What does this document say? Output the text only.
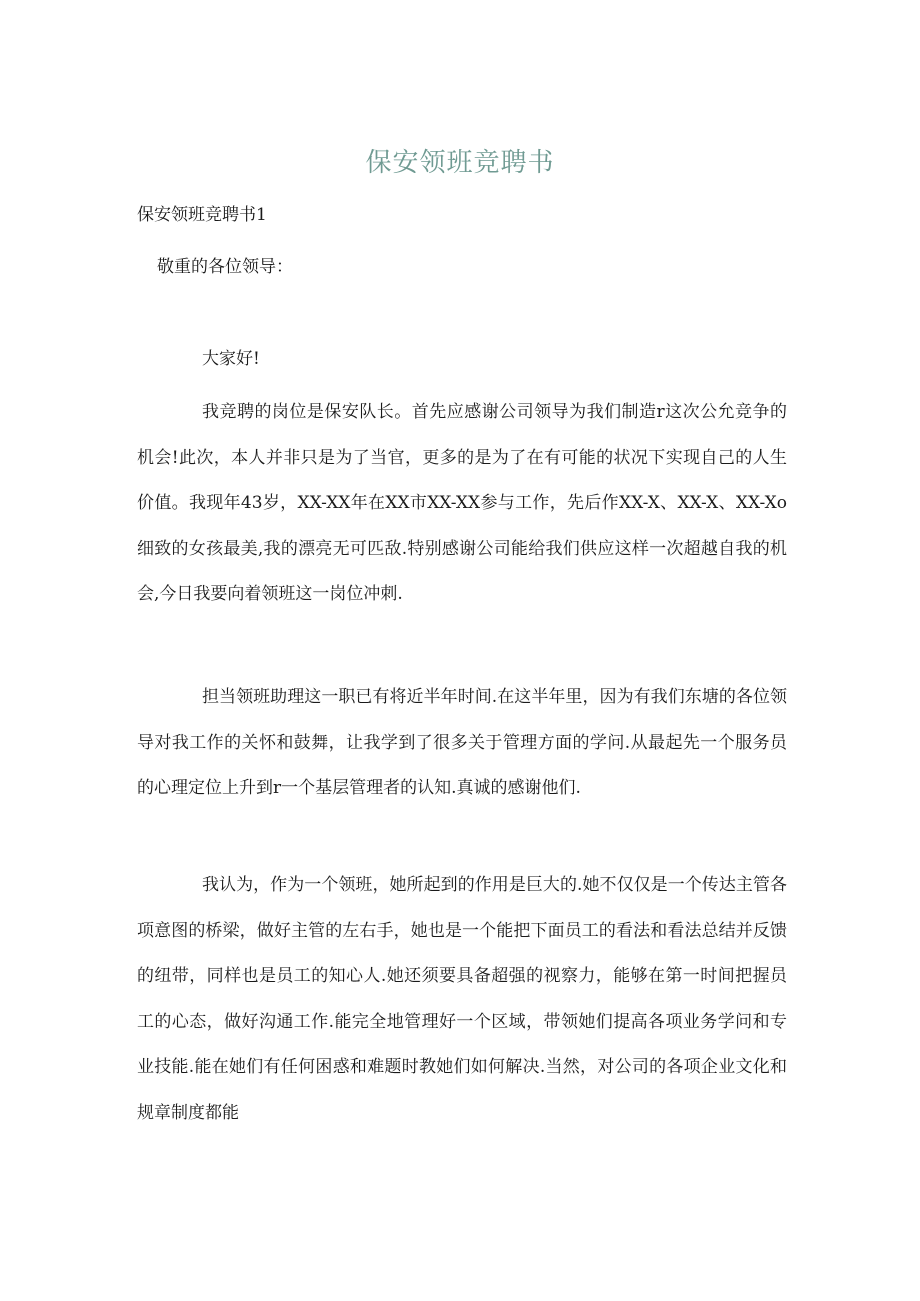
保安领班竞聘书
保安领班竞聘书1
敬重的各位领导：
大家好!

我竞聘的岗位是保安队长。首先应感谢公司领导为我们制造r这次公允竞争的机会!此次，本人并非只是为了当官，更多的是为了在有可能的状况下实现自己的人生价值。我现年43岁，XX-XX年在XX市XX-XX参与工作，先后作XX-X、XX-X、XX-Xo细致的女孩最美,我的漂亮无可匹敌.特别感谢公司能给我们供应这样一次超越自我的机会,今日我要向着领班这一岗位冲刺.

担当领班助理这一职已有将近半年时间.在这半年里，因为有我们东塘的各位领导对我工作的关怀和鼓舞，让我学到了很多关于管理方面的学问.从最起先一个服务员的心理定位上升到r一个基层管理者的认知.真诚的感谢他们.

我认为，作为一个领班，她所起到的作用是巨大的.她不仅仅是一个传达主管各项意图的桥梁，做好主管的左右手，她也是一个能把下面员工的看法和看法总结并反馈的纽带，同样也是员工的知心人.她还须要具备超强的视察力，能够在第一时间把握员工的心态，做好沟通工作.能完全地管理好一个区域，带领她们提高各项业务学问和专业技能.能在她们有任何困惑和难题时教她们如何解决.当然，对公司的各项企业文化和规章制度都能
